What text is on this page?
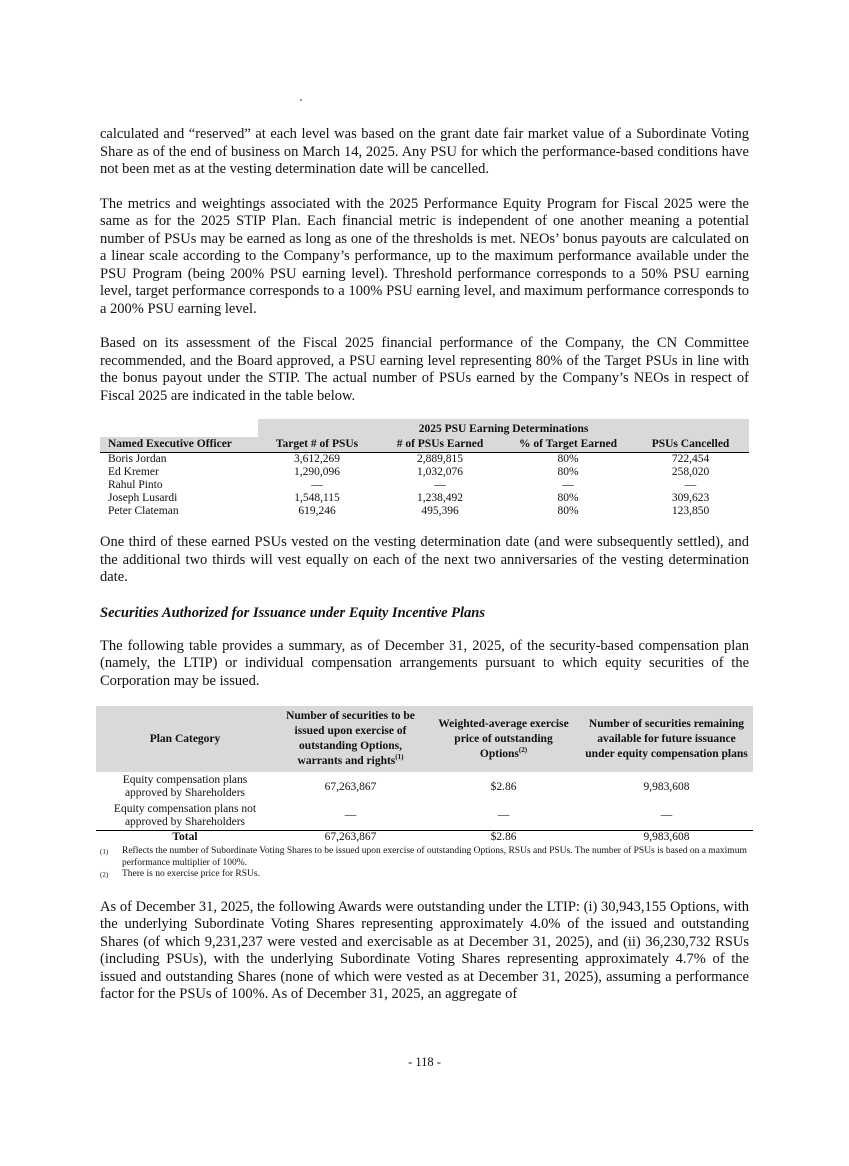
calculated and “reserved” at each level was based on the grant date fair market value of a Subordinate Voting Share as of the end of business on March 14, 2025. Any PSU for which the performance-based conditions have not been met as at the vesting determination date will be cancelled.

The metrics and weightings associated with the 2025 Performance Equity Program for Fiscal 2025 were the same as for the 2025 STIP Plan. Each financial metric is independent of one another meaning a potential number of PSUs may be earned as long as one of the thresholds is met. NEOs’ bonus payouts are calculated on a linear scale according to the Company’s performance, up to the maximum performance available under the PSU Program (being 200% PSU earning level). Threshold performance corresponds to a 50% PSU earning level, target performance corresponds to a 100% PSU earning level, and maximum performance corresponds to a 200% PSU earning level.

Based on its assessment of the Fiscal 2025 financial performance of the Company, the CN Committee recommended, and the Board approved, a PSU earning level representing 80% of the Target PSUs in line with the bonus payout under the STIP. The actual number of PSUs earned by the Company’s NEOs in respect of Fiscal 2025 are indicated in the table below.

	2025 PSU Earning Determinations			
Named Executive Officer	Target # of PSUs	# of PSUs Earned	% of Target Earned	PSUs Cancelled
Boris Jordan	3,612,269	2,889,815	80%	722,454
Ed Kremer	1,290,096	1,032,076	80%	258,020
Rahul Pinto	—	—	—	—
Joseph Lusardi	1,548,115	1,238,492	80%	309,623
Peter Clateman	619,246	495,396	80%	123,850

One third of these earned PSUs vested on the vesting determination date (and were subsequently settled), and the additional two thirds will vest equally on each of the next two anniversaries of the vesting determination date.

Securities Authorized for Issuance under Equity Incentive Plans

The following table provides a summary, as of December 31, 2025, of the security-based compensation plan (namely, the LTIP) or individual compensation arrangements pursuant to which equity securities of the Corporation may be issued.

Plan Category	Number of securities to be issued upon exercise of outstanding Options, warrants and rights$^{(1)}$	Weighted-average exercise price of outstanding Options$^{(2)}$	Number of securities remaining available for future issuance under equity compensation plans
Equity compensation plans approved by Shareholders	67,263,867	$2.86	9,983,608
Equity compensation plans not approved by Shareholders	—	—	—
Total	67,263,867	$2.86	9,983,608
(1)	Reflects the number of Subordinate Voting Shares to be issued upon exercise of outstanding Options, RSUs and PSUs. The number of PSUs is based on a maximum performance multiplier of 100%.
(2)	There is no exercise price for RSUs.

As of December 31, 2025, the following Awards were outstanding under the LTIP: (i) 30,943,155 Options, with the underlying Subordinate Voting Shares representing approximately 4.0% of the issued and outstanding Shares (of which 9,231,237 were vested and exercisable as at December 31, 2025), and (ii) 36,230,732 RSUs (including PSUs), with the underlying Subordinate Voting Shares representing approximately 4.7% of the issued and outstanding Shares (none of which were vested as at December 31, 2025), assuming a performance factor for the PSUs of 100%. As of December 31, 2025, an aggregate of

- 118 -
